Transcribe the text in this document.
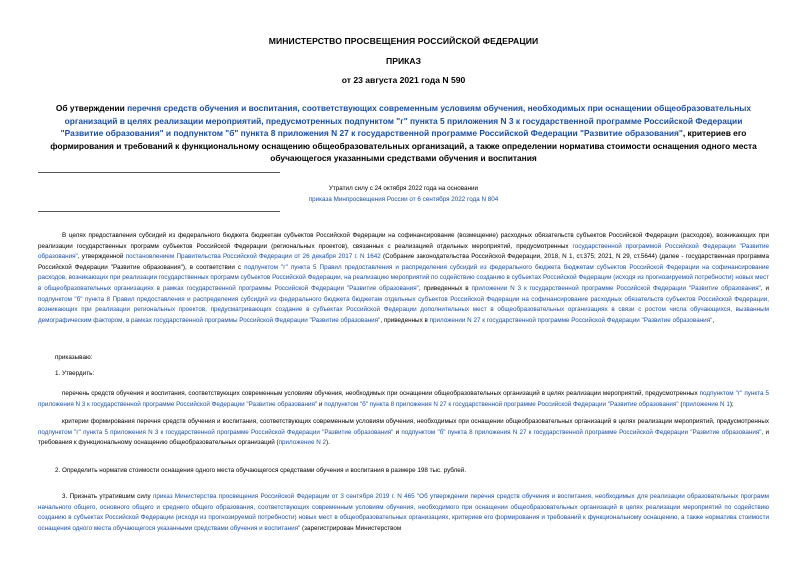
МИНИСТЕРСТВО ПРОСВЕЩЕНИЯ РОССИЙСКОЙ ФЕДЕРАЦИИ
ПРИКАЗ
от 23 августа 2021 года N 590
Об утверждении перечня средств обучения и воспитания, соответствующих современным условиям обучения, необходимых при оснащении общеобразовательных организаций в целях реализации мероприятий, предусмотренных подпунктом "г" пункта 5 приложения N 3 к государственной программе Российской Федерации "Развитие образования" и подпунктом "б" пункта 8 приложения N 27 к государственной программе Российской Федерации "Развитие образования", критериев его формирования и требований к функциональному оснащению общеобразовательных организаций, а также определении норматива стоимости оснащения одного места обучающегося указанными средствами обучения и воспитания
Утратил силу с 24 октября 2022 года на основании
приказа Минпросвещения России от 6 сентября 2022 года N 804
В целях предоставления субсидий из федерального бюджета бюджетам субъектов Российской Федерации на софинансирование (возмещение) расходных обязательств субъектов Российской Федерации (расходов), возникающих при реализации государственных программ субъектов Российской Федерации (региональных проектов), связанных с реализацией отдельных мероприятий, предусмотренных государственной программой Российской Федерации "Развитие образования", утвержденной постановлением Правительства Российской Федерации от 26 декабря 2017 г. N 1642 (Собрание законодательства Российской Федерации, 2018, N 1, ст.375; 2021, N 29, ст.5644) (далее - государственная программа Российской Федерации "Развитие образования"), в соответствии с подпунктом "г" пункта 5 Правил предоставления и распределения субсидий из федерального бюджета бюджетам субъектов Российской Федерации на софинансирование расходов, возникающих при реализации государственных программ субъектов Российской Федерации, на реализацию мероприятий по содействию созданию в субъектах Российской Федерации (исходя из прогнозируемой потребности) новых мест в общеобразовательных организациях в рамках государственной программы Российской Федерации "Развитие образования", приведенных в приложении N 3 к государственной программе Российской Федерации "Развитие образования", и подпунктом "б" пункта 8 Правил предоставления и распределения субсидий из федерального бюджета бюджетам отдельных субъектов Российской Федерации на софинансирование расходных обязательств субъектов Российской Федерации, возникающих при реализации региональных проектов, предусматривающих создание в субъектах Российской Федерации дополнительных мест в общеобразовательных организациях в связи с ростом числа обучающихся, вызванным демографическим фактором, в рамках государственной программы Российской Федерации "Развитие образования", приведенных в приложении N 27 к государственной программе Российской Федерации "Развитие образования",
приказываю:
1. Утвердить:
перечень средств обучения и воспитания, соответствующих современным условиям обучения, необходимых при оснащении общеобразовательных организаций в целях реализации мероприятий, предусмотренных подпунктом "г" пункта 5 приложения N 3 к государственной программе Российской Федерации "Развитие образования" и подпунктом "б" пункта 8 приложения N 27 к государственной программе Российской Федерации "Развитие образования" (приложение N 1);
критерии формирования перечня средств обучения и воспитания, соответствующих современным условиям обучения, необходимых при оснащении общеобразовательных организаций в целях реализации мероприятий, предусмотренных подпунктом "г" пункта 5 приложения N 3 к государственной программе Российской Федерации "Развитие образования" и подпунктом "б" пункта 8 приложения N 27 к государственной программе Российской Федерации "Развитие образования", и требования к функциональному оснащению общеобразовательных организаций (приложение N 2).
2. Определить норматив стоимости оснащения одного места обучающегося средствами обучения и воспитания в размере 198 тыс. рублей.
3. Признать утратившим силу приказ Министерства просвещения Российской Федерации от 3 сентября 2019 г. N 465 "Об утверждении перечня средств обучения и воспитания, необходимых для реализации образовательных программ начального общего, основного общего и среднего общего образования, соответствующих современным условиям обучения, необходимого при оснащении общеобразовательных организаций в целях реализации мероприятий по содействию созданию в субъектах Российской Федерации (исходя из прогнозируемой потребности) новых мест в общеобразовательных организациях, критериев его формирования и требований к функциональному оснащению, а также норматива стоимости оснащения одного места обучающегося указанными средствами обучения и воспитания" (зарегистрирован Министерством
